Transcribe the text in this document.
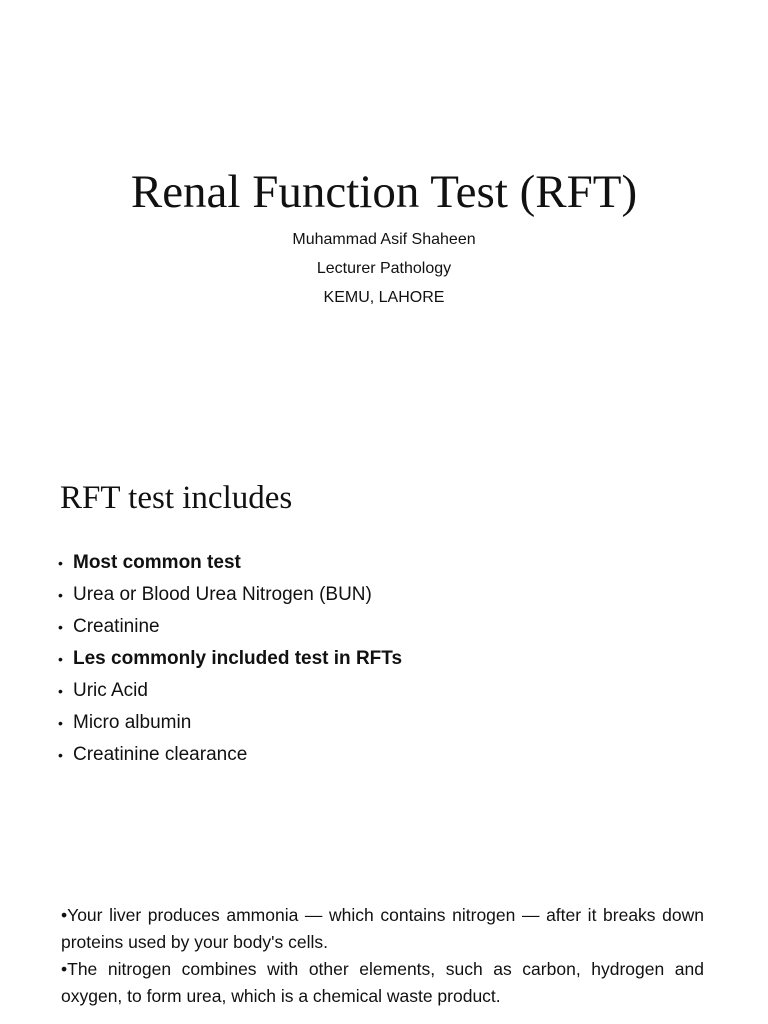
Renal Function Test (RFT)
Muhammad Asif Shaheen
Lecturer Pathology
KEMU, LAHORE
RFT test includes
• Most common test
• Urea or Blood Urea Nitrogen (BUN)
• Creatinine
• Les commonly included test in RFTs
• Uric Acid
• Micro albumin
• Creatinine clearance

•Your liver produces ammonia — which contains nitrogen — after it breaks down proteins used by your body's cells.

•The nitrogen combines with other elements, such as carbon, hydrogen and oxygen, to form urea, which is a chemical waste product.
